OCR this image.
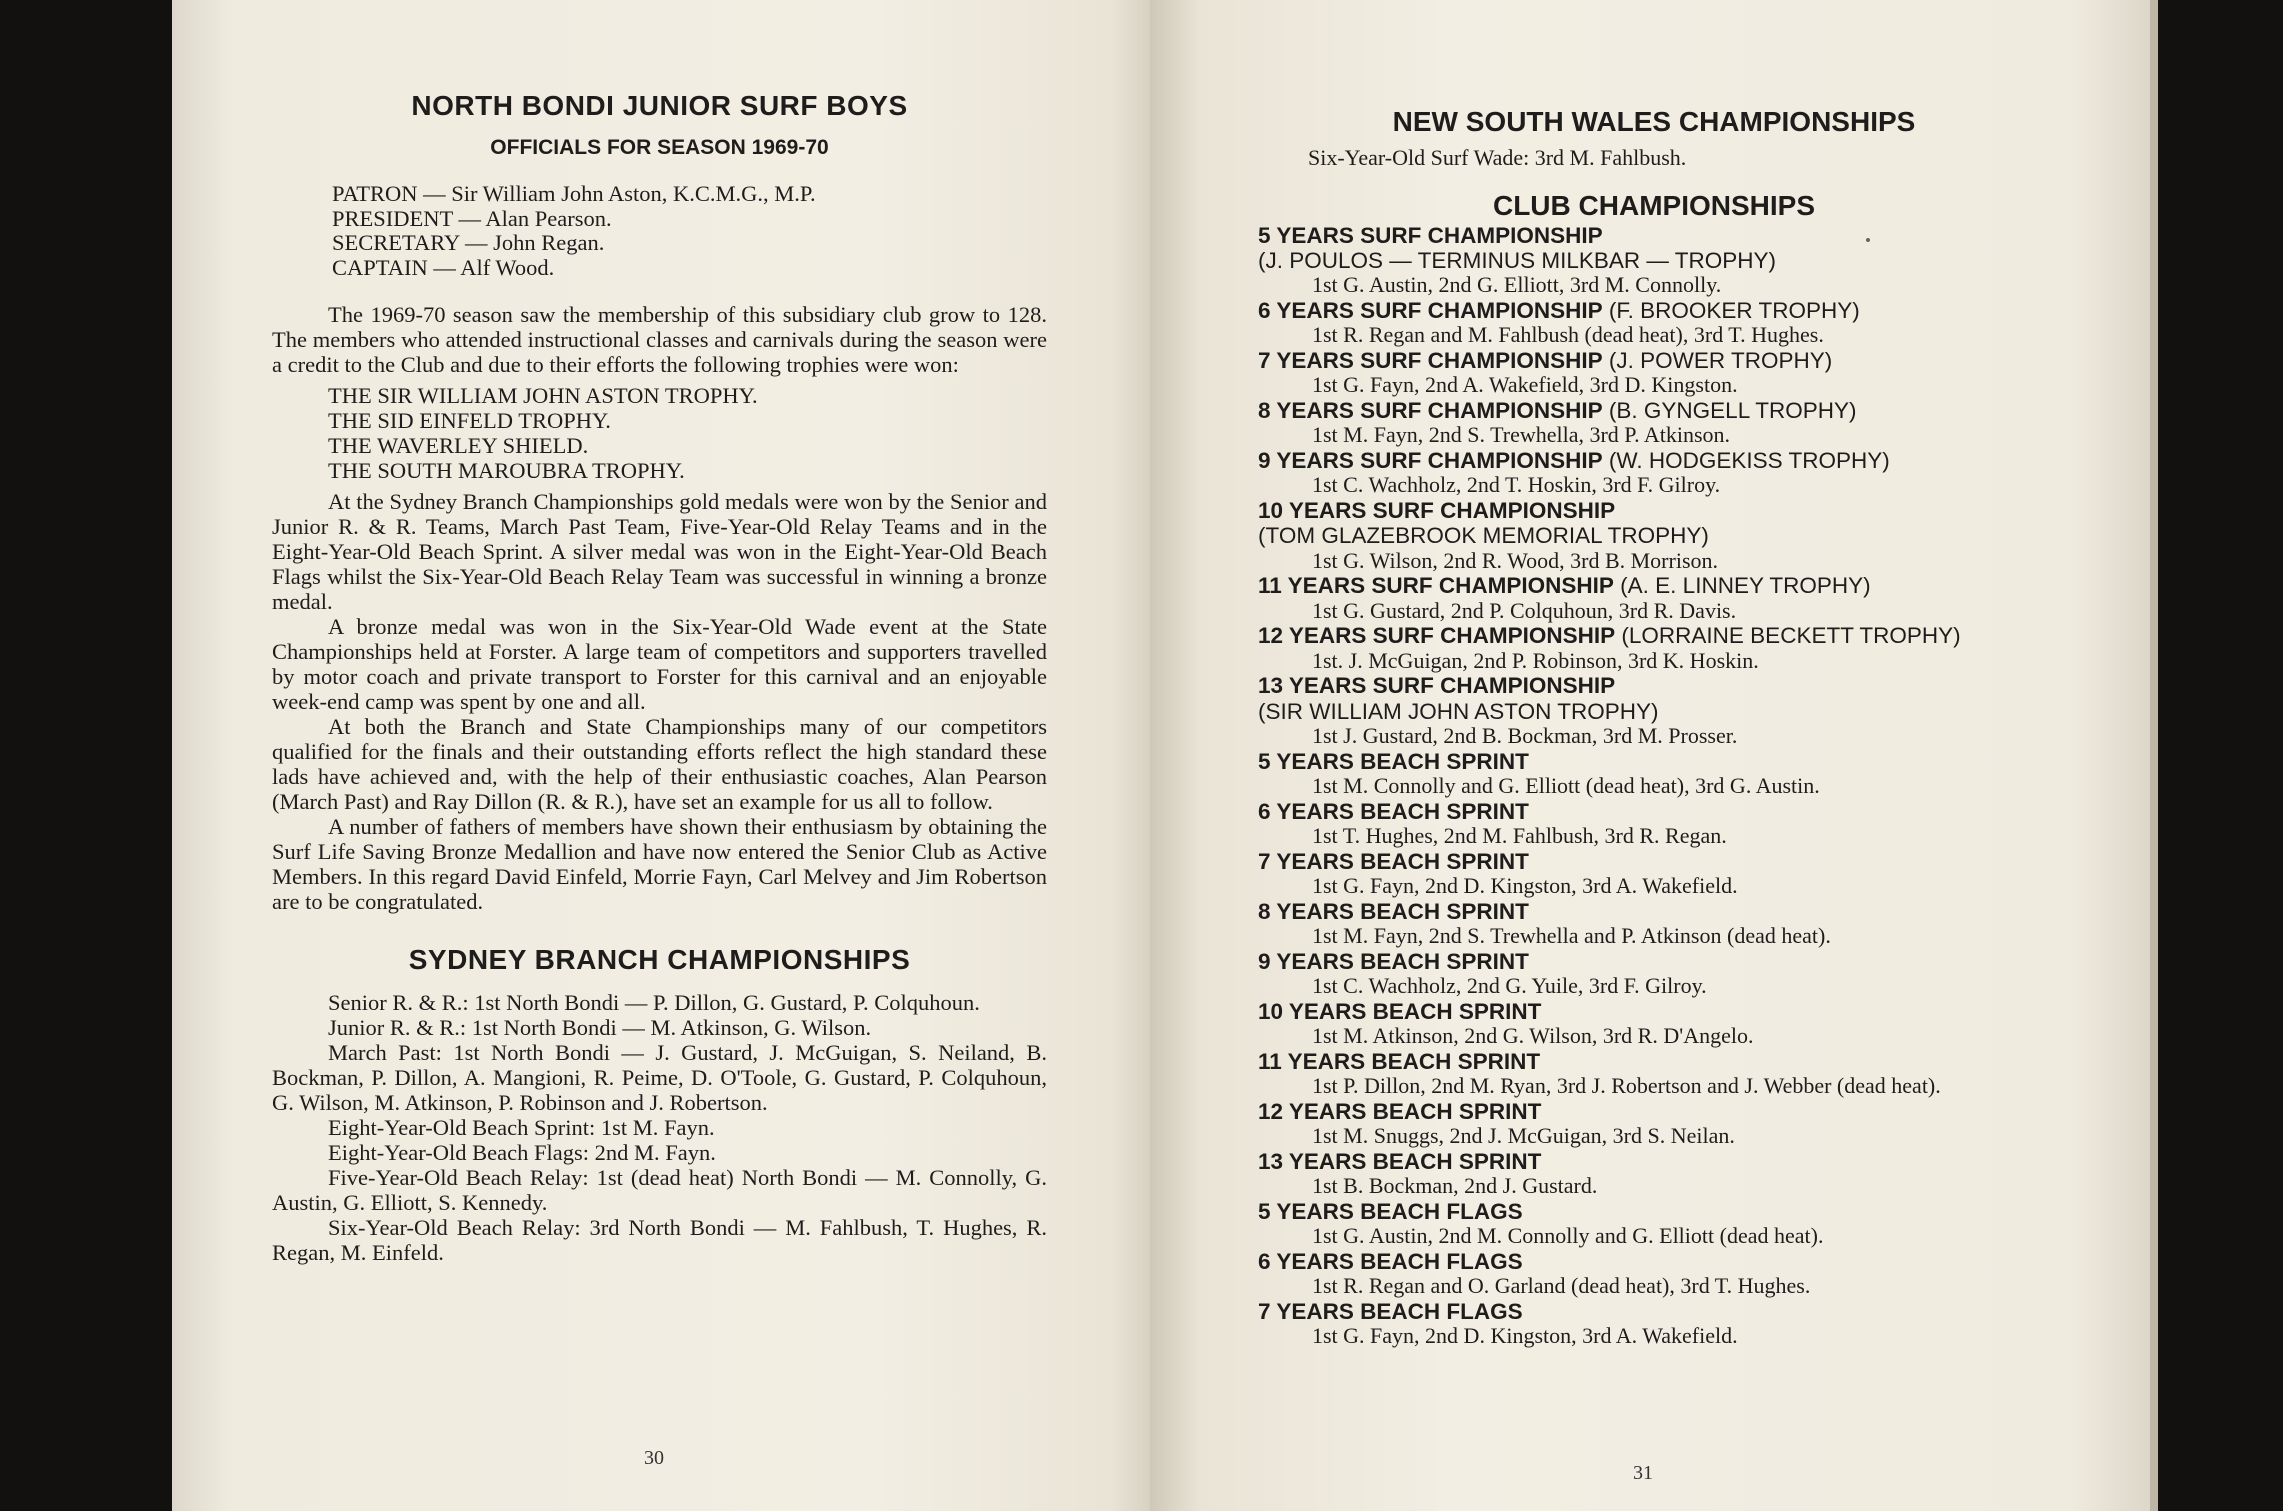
NORTH BONDI JUNIOR SURF BOYS
OFFICIALS FOR SEASON 1969-70
PATRON — Sir William John Aston, K.C.M.G., M.P.
PRESIDENT — Alan Pearson.
SECRETARY — John Regan.
CAPTAIN — Alf Wood.

The 1969-70 season saw the membership of this subsidiary club grow to 128. The members who attended instructional classes and carnivals during the season were a credit to the Club and due to their efforts the following trophies were won:

THE SIR WILLIAM JOHN ASTON TROPHY.
THE SID EINFELD TROPHY.
THE WAVERLEY SHIELD.
THE SOUTH MAROUBRA TROPHY.

At the Sydney Branch Championships gold medals were won by the Senior and Junior R. & R. Teams, March Past Team, Five-Year-Old Relay Teams and in the Eight-Year-Old Beach Sprint. A silver medal was won in the Eight-Year-Old Beach Flags whilst the Six-Year-Old Beach Relay Team was successful in winning a bronze medal.

A bronze medal was won in the Six-Year-Old Wade event at the State Championships held at Forster. A large team of competitors and supporters travelled by motor coach and private transport to Forster for this carnival and an enjoyable week-end camp was spent by one and all.

At both the Branch and State Championships many of our competitors qualified for the finals and their outstanding efforts reflect the high standard these lads have achieved and, with the help of their enthusiastic coaches, Alan Pearson (March Past) and Ray Dillon (R. & R.), have set an example for us all to follow.

A number of fathers of members have shown their enthusiasm by obtaining the Surf Life Saving Bronze Medallion and have now entered the Senior Club as Active Members. In this regard David Einfeld, Morrie Fayn, Carl Melvey and Jim Robertson are to be congratulated.

SYDNEY BRANCH CHAMPIONSHIPS

Senior R. & R.: 1st North Bondi — P. Dillon, G. Gustard, P. Colquhoun.

Junior R. & R.: 1st North Bondi — M. Atkinson, G. Wilson.

March Past: 1st North Bondi — J. Gustard, J. McGuigan, S. Neiland, B. Bockman, P. Dillon, A. Mangioni, R. Peime, D. O'Toole, G. Gustard, P. Colquhoun, G. Wilson, M. Atkinson, P. Robinson and J. Robertson.

Eight-Year-Old Beach Sprint: 1st M. Fayn.

Eight-Year-Old Beach Flags: 2nd M. Fayn.

Five-Year-Old Beach Relay: 1st (dead heat) North Bondi — M. Connolly, G. Austin, G. Elliott, S. Kennedy.

Six-Year-Old Beach Relay: 3rd North Bondi — M. Fahlbush, T. Hughes, R. Regan, M. Einfeld.

30
NEW SOUTH WALES CHAMPIONSHIPS
Six-Year-Old Surf Wade: 3rd M. Fahlbush.
CLUB CHAMPIONSHIPS
5 YEARS SURF CHAMPIONSHIP
(J. POULOS — TERMINUS MILKBAR — TROPHY)
1st G. Austin, 2nd G. Elliott, 3rd M. Connolly.
6 YEARS SURF CHAMPIONSHIP (F. BROOKER TROPHY)
1st R. Regan and M. Fahlbush (dead heat), 3rd T. Hughes.
7 YEARS SURF CHAMPIONSHIP (J. POWER TROPHY)
1st G. Fayn, 2nd A. Wakefield, 3rd D. Kingston.
8 YEARS SURF CHAMPIONSHIP (B. GYNGELL TROPHY)
1st M. Fayn, 2nd S. Trewhella, 3rd P. Atkinson.
9 YEARS SURF CHAMPIONSHIP (W. HODGEKISS TROPHY)
1st C. Wachholz, 2nd T. Hoskin, 3rd F. Gilroy.
10 YEARS SURF CHAMPIONSHIP
(TOM GLAZEBROOK MEMORIAL TROPHY)
1st G. Wilson, 2nd R. Wood, 3rd B. Morrison.
11 YEARS SURF CHAMPIONSHIP (A. E. LINNEY TROPHY)
1st G. Gustard, 2nd P. Colquhoun, 3rd R. Davis.
12 YEARS SURF CHAMPIONSHIP (LORRAINE BECKETT TROPHY)
1st. J. McGuigan, 2nd P. Robinson, 3rd K. Hoskin.
13 YEARS SURF CHAMPIONSHIP
(SIR WILLIAM JOHN ASTON TROPHY)
1st J. Gustard, 2nd B. Bockman, 3rd M. Prosser.
5 YEARS BEACH SPRINT
1st M. Connolly and G. Elliott (dead heat), 3rd G. Austin.
6 YEARS BEACH SPRINT
1st T. Hughes, 2nd M. Fahlbush, 3rd R. Regan.
7 YEARS BEACH SPRINT
1st G. Fayn, 2nd D. Kingston, 3rd A. Wakefield.
8 YEARS BEACH SPRINT
1st M. Fayn, 2nd S. Trewhella and P. Atkinson (dead heat).
9 YEARS BEACH SPRINT
1st C. Wachholz, 2nd G. Yuile, 3rd F. Gilroy.
10 YEARS BEACH SPRINT
1st M. Atkinson, 2nd G. Wilson, 3rd R. D'Angelo.
11 YEARS BEACH SPRINT
1st P. Dillon, 2nd M. Ryan, 3rd J. Robertson and J. Webber (dead heat).
12 YEARS BEACH SPRINT
1st M. Snuggs, 2nd J. McGuigan, 3rd S. Neilan.
13 YEARS BEACH SPRINT
1st B. Bockman, 2nd J. Gustard.
5 YEARS BEACH FLAGS
1st G. Austin, 2nd M. Connolly and G. Elliott (dead heat).
6 YEARS BEACH FLAGS
1st R. Regan and O. Garland (dead heat), 3rd T. Hughes.
7 YEARS BEACH FLAGS
1st G. Fayn, 2nd D. Kingston, 3rd A. Wakefield.
31
